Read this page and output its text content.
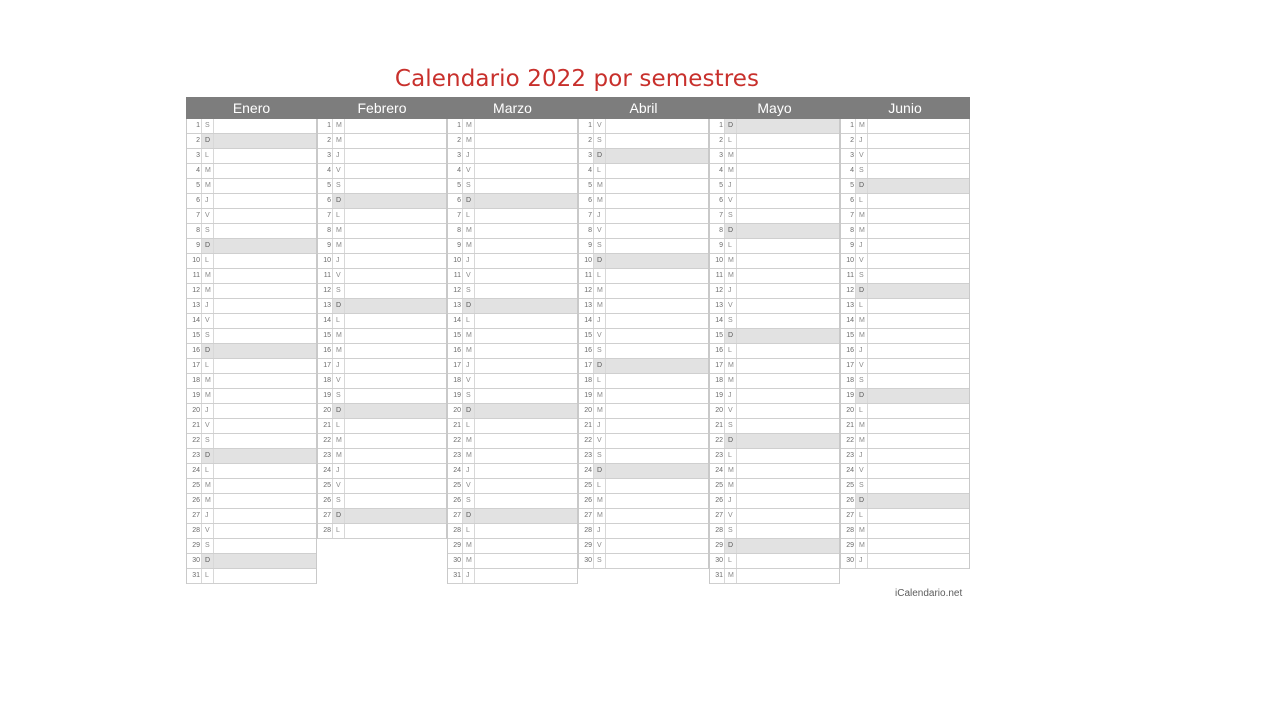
Calendario 2022 por semestres
Enero
1 S
2 D
3 L
4 M
5 M
6 J
7 V
8 S
9 D
10 L
11 M
12 M
13 J
14 V
15 S
16 D
17 L
18 M
19 M
20 J
21 V
22 S
23 D
24 L
25 M
26 M
27 J
28 V
29 S
30 D
31 L
Febrero
1 M
2 M
3 J
4 V
5 S
6 D
7 L
8 M
9 M
10 J
11 V
12 S
13 D
14 L
15 M
16 M
17 J
18 V
19 S
20 D
21 L
22 M
23 M
24 J
25 V
26 S
27 D
28 L
Marzo
1 M
2 M
3 J
4 V
5 S
6 D
7 L
8 M
9 M
10 J
11 V
12 S
13 D
14 L
15 M
16 M
17 J
18 V
19 S
20 D
21 L
22 M
23 M
24 J
25 V
26 S
27 D
28 L
29 M
30 M
31 J
Abril
1 V
2 S
3 D
4 L
5 M
6 M
7 J
8 V
9 S
10 D
11 L
12 M
13 M
14 J
15 V
16 S
17 D
18 L
19 M
20 M
21 J
22 V
23 S
24 D
25 L
26 M
27 M
28 J
29 V
30 S
Mayo
1 D
2 L
3 M
4 M
5 J
6 V
7 S
8 D
9 L
10 M
11 M
12 J
13 V
14 S
15 D
16 L
17 M
18 M
19 J
20 V
21 S
22 D
23 L
24 M
25 M
26 J
27 V
28 S
29 D
30 L
31 M
Junio
1 M
2 J
3 V
4 S
5 D
6 L
7 M
8 M
9 J
10 V
11 S
12 D
13 L
14 M
15 M
16 J
17 V
18 S
19 D
20 L
21 M
22 M
23 J
24 V
25 S
26 D
27 L
28 M
29 M
30 J
iCalendario.net
